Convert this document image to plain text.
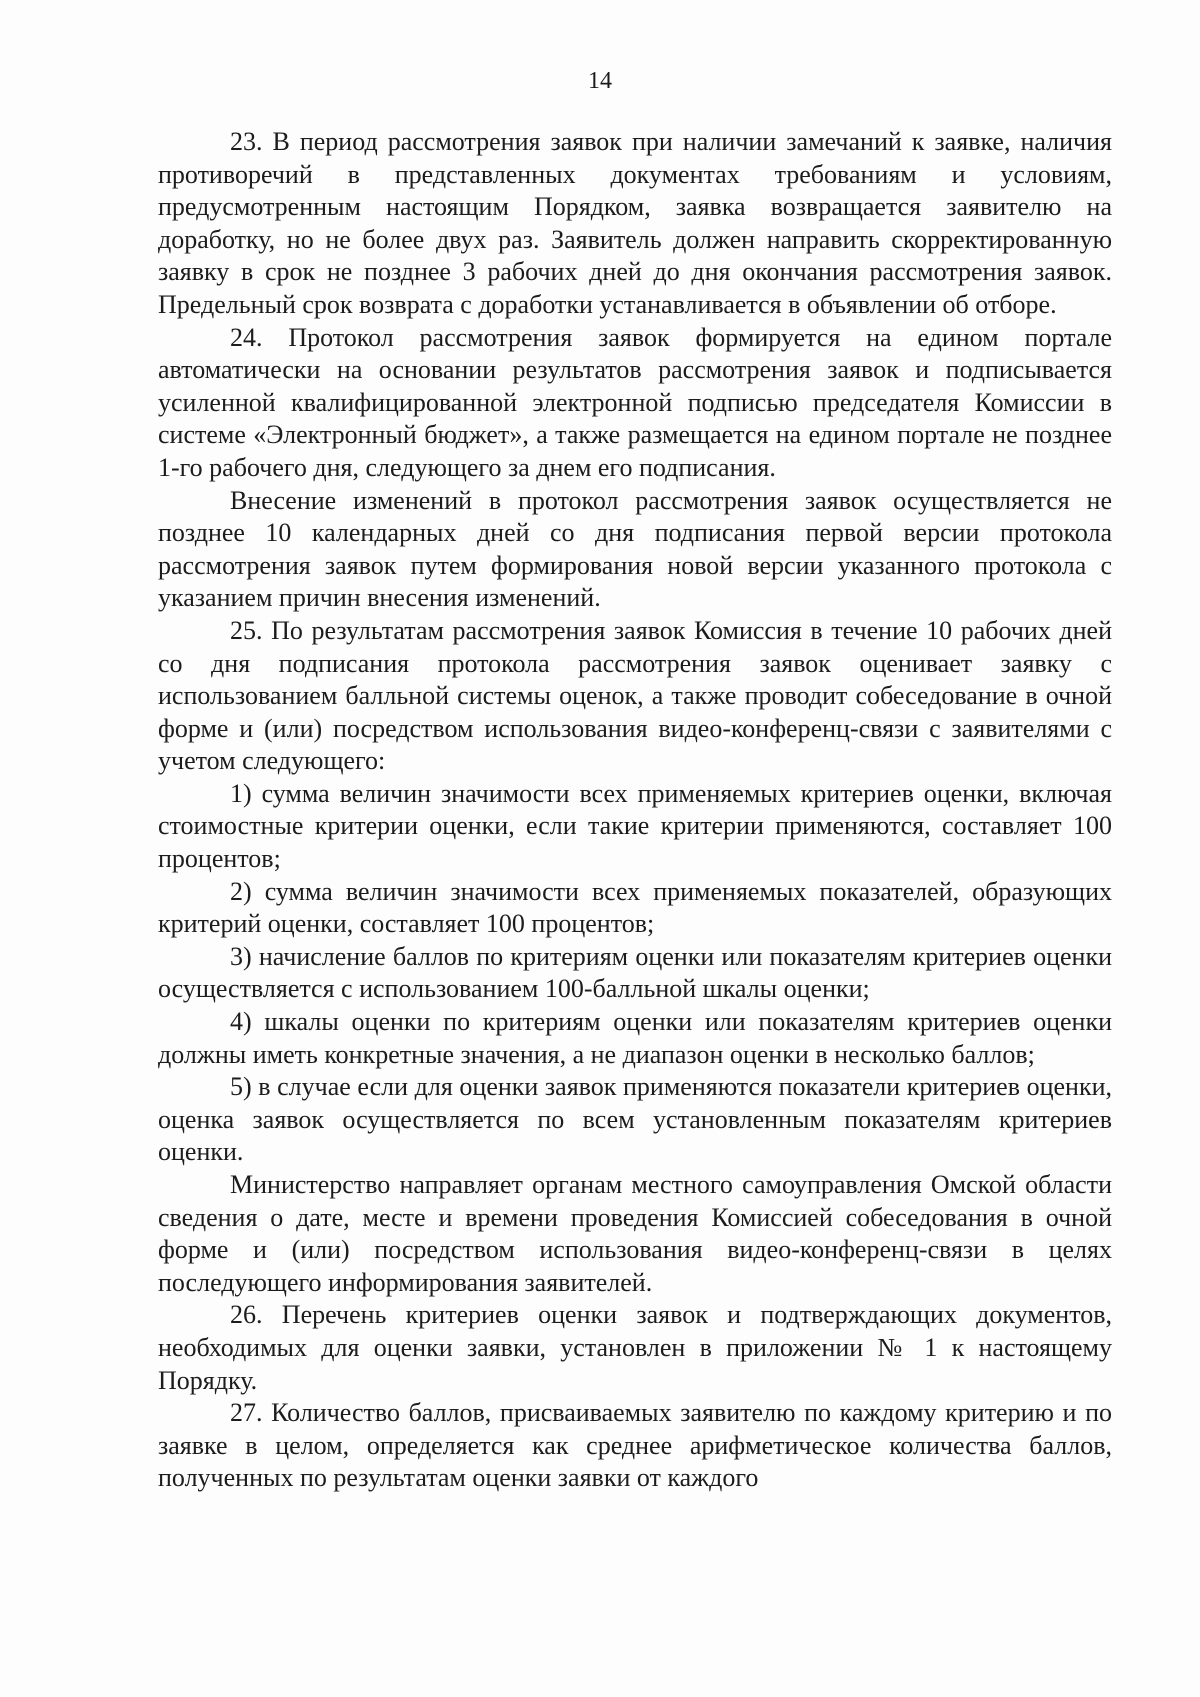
14

23. В период рассмотрения заявок при наличии замечаний к заявке, наличия противоречий в представленных документах требованиям и условиям, предусмотренным настоящим Порядком, заявка возвращается заявителю на доработку, но не более двух раз. Заявитель должен направить скорректированную заявку в срок не позднее 3 рабочих дней до дня окончания рассмотрения заявок. Предельный срок возврата с доработки устанавливается в объявлении об отборе.

24. Протокол рассмотрения заявок формируется на едином портале автоматически на основании результатов рассмотрения заявок и подписывается усиленной квалифицированной электронной подписью председателя Комиссии в системе «Электронный бюджет», а также размещается на едином портале не позднее 1-го рабочего дня, следующего за днем его подписания.

Внесение изменений в протокол рассмотрения заявок осуществляется не позднее 10 календарных дней со дня подписания первой версии протокола рассмотрения заявок путем формирования новой версии указанного протокола с указанием причин внесения изменений.

25. По результатам рассмотрения заявок Комиссия в течение 10 рабочих дней со дня подписания протокола рассмотрения заявок оценивает заявку с использованием балльной системы оценок, а также проводит собеседование в очной форме и (или) посредством использования видео-конференц-связи с заявителями с учетом следующего:

1) сумма величин значимости всех применяемых критериев оценки, включая стоимостные критерии оценки, если такие критерии применяются, составляет 100 процентов;

2) сумма величин значимости всех применяемых показателей, образующих критерий оценки, составляет 100 процентов;

3) начисление баллов по критериям оценки или показателям критериев оценки осуществляется с использованием 100-балльной шкалы оценки;

4) шкалы оценки по критериям оценки или показателям критериев оценки должны иметь конкретные значения, а не диапазон оценки в несколько баллов;

5) в случае если для оценки заявок применяются показатели критериев оценки, оценка заявок осуществляется по всем установленным показателям критериев оценки.

Министерство направляет органам местного самоуправления Омской области сведения о дате, месте и времени проведения Комиссией собеседования в очной форме и (или) посредством использования видео-конференц-связи в целях последующего информирования заявителей.

26. Перечень критериев оценки заявок и подтверждающих документов, необходимых для оценки заявки, установлен в приложении № 1 к настоящему Порядку.

27. Количество баллов, присваиваемых заявителю по каждому критерию и по заявке в целом, определяется как среднее арифметическое количества баллов, полученных по результатам оценки заявки от каждого
